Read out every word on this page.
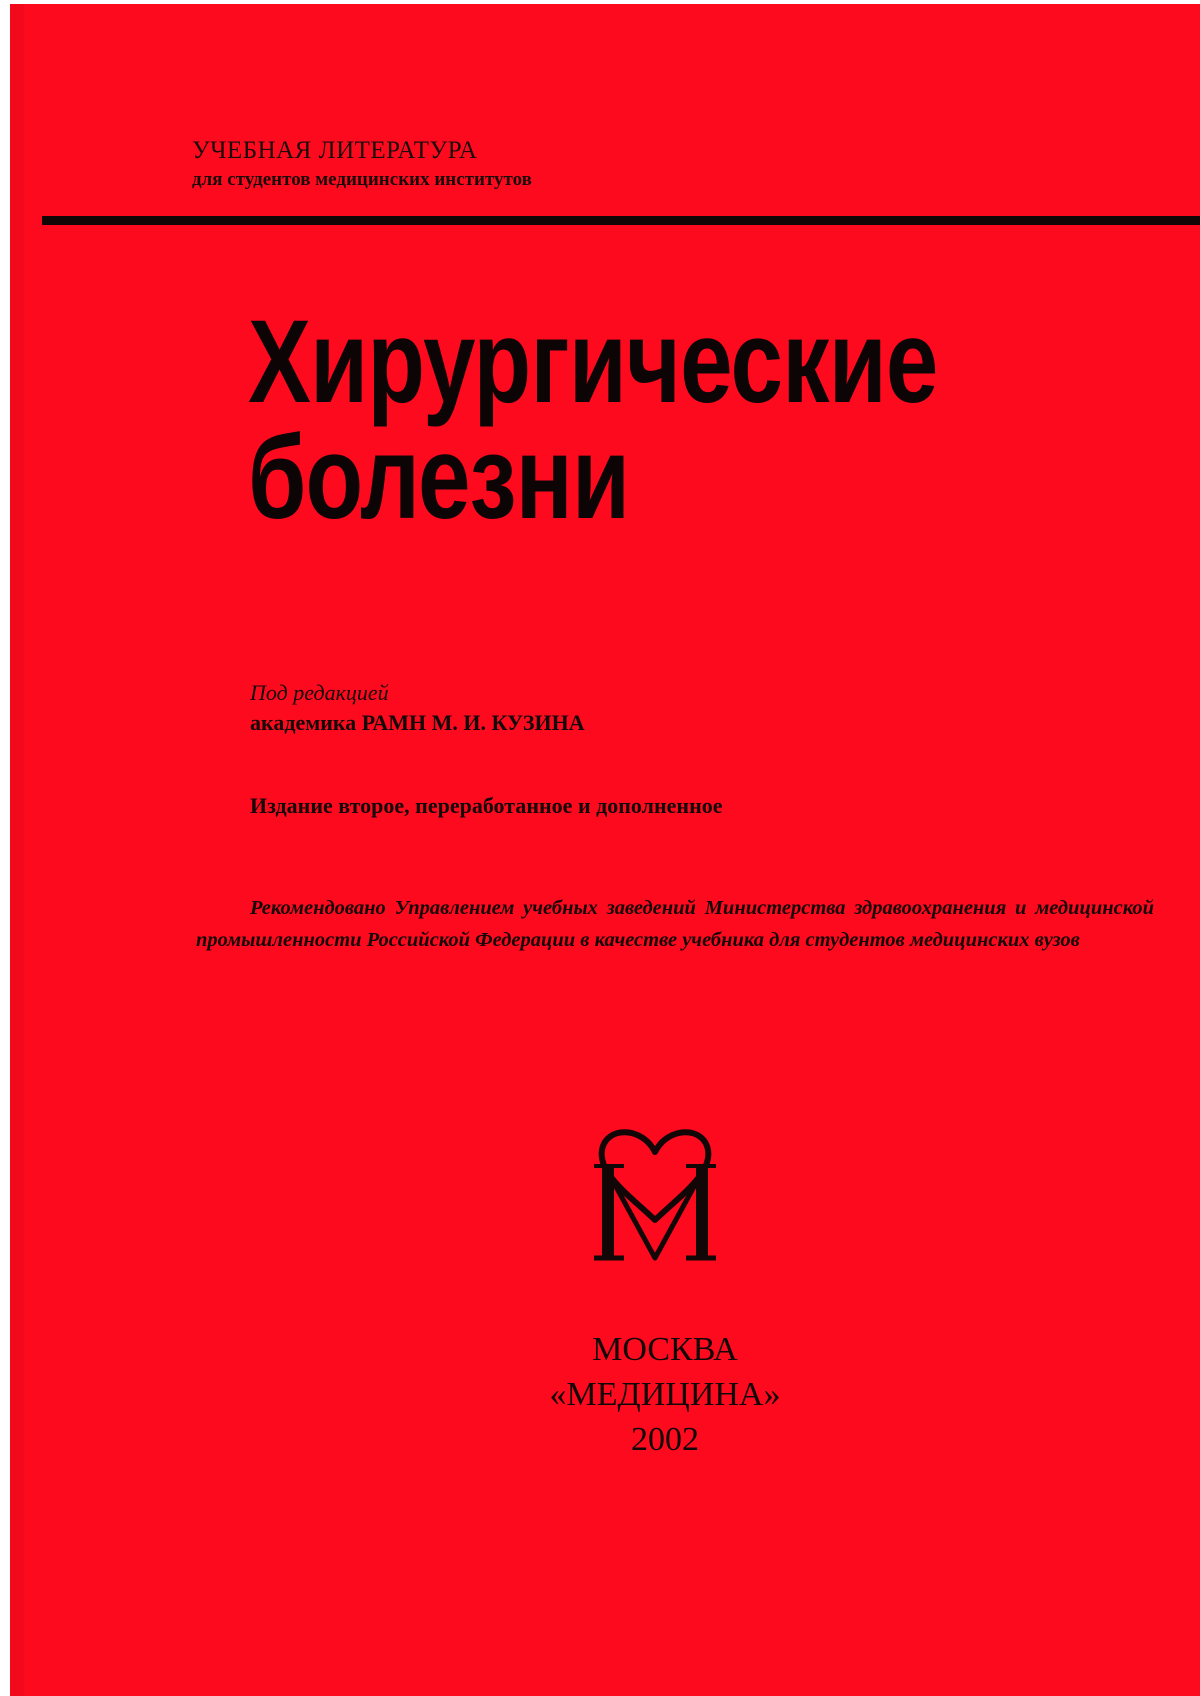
УЧЕБНАЯ ЛИТЕРАТУРА
для студентов медицинских институтов
Хирургические
болезни
Под редакцией
академика РАМН М. И. КУЗИНА
Издание второе, переработанное и дополненное
Рекомендовано Управлением учебных заведений Министерства здравоохранения и медицинской промышленности Российской Федерации в качестве учебника для студентов медицинских вузов
МОСКВА
«МЕДИЦИНА»
2002
